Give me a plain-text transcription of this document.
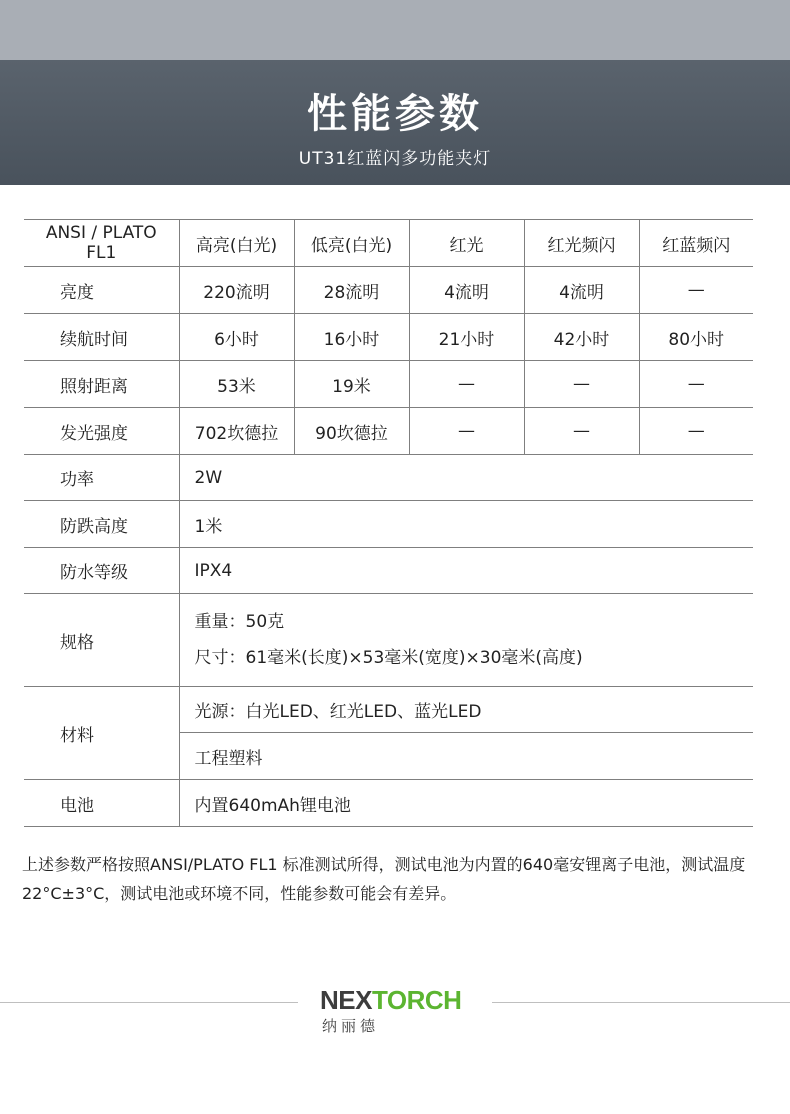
性能参数
UT31红蓝闪多功能夹灯
ANSI / PLATO FL1	高亮(白光)	低亮(白光)	红光	红光频闪	红蓝频闪
亮度	220流明	28流明	4流明	4流明	—
续航时间	6小时	16小时	21小时	42小时	80小时
照射距离	53米	19米	—	—	—
发光强度	702坎德拉	90坎德拉	—	—	—
功率	2W				
防跌高度	1米				
防水等级	IPX4				
规格	重量：50克
尺寸：61毫米(长度)×53毫米(宽度)×30毫米(高度)				

材料	光源：白光LED、红光LED、蓝光LED				
	工程塑料				
电池	内置640mAh锂电池				
上述参数严格按照ANSI/PLATO FL1 标准测试所得，测试电池为内置的640毫安锂离子电池，测试温度22°C±3°C，测试电池或环境不同，性能参数可能会有差异。
NEXTORCH
纳丽德
